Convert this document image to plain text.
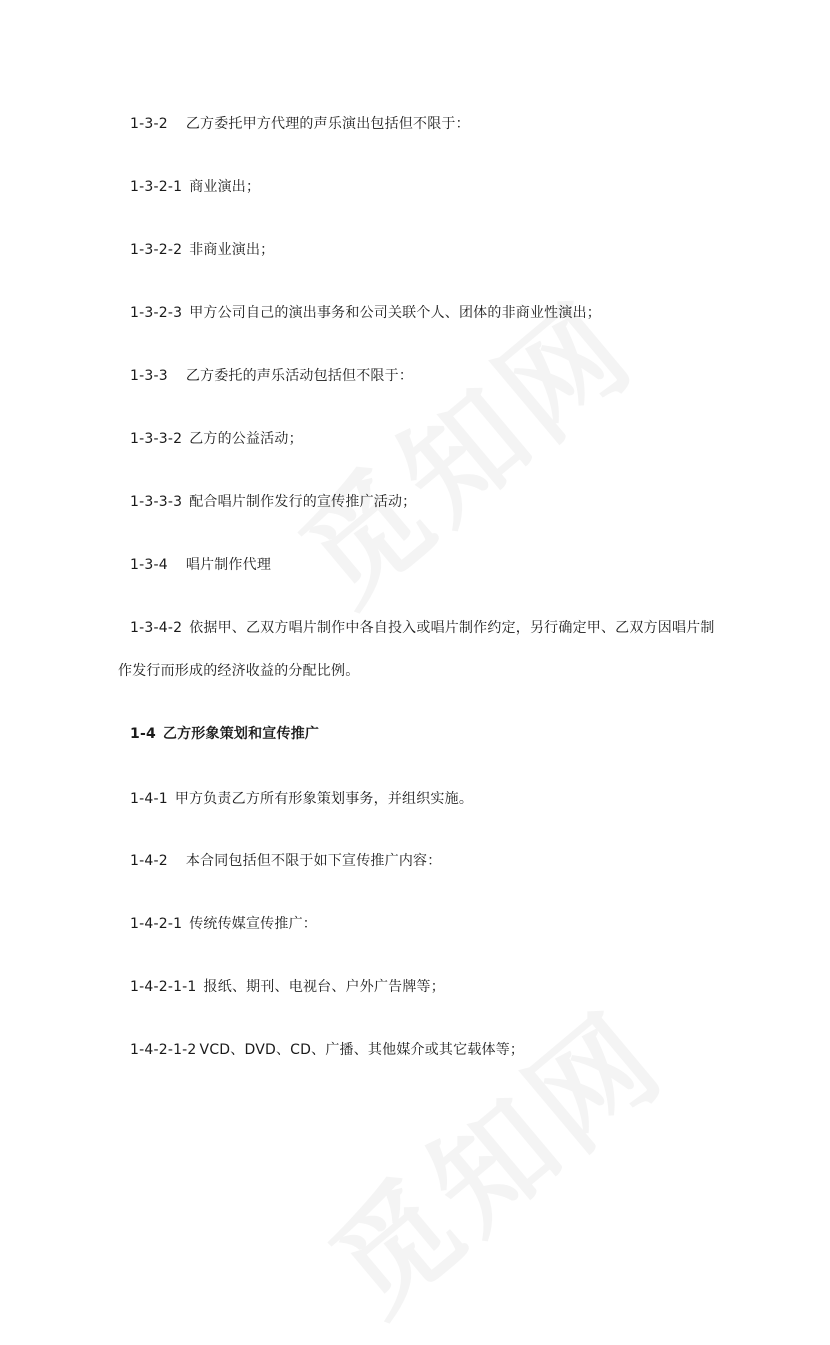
1-3-2 乙方委托甲方代理的声乐演出包括但不限于：
1-3-2-1 商业演出；
1-3-2-2 非商业演出；
1-3-2-3 甲方公司自己的演出事务和公司关联个人、团体的非商业性演出；
1-3-3 乙方委托的声乐活动包括但不限于：
1-3-3-2 乙方的公益活动；
1-3-3-3 配合唱片制作发行的宣传推广活动；
1-3-4 唱片制作代理
1-3-4-2 依据甲、乙双方唱片制作中各自投入或唱片制作约定，另行确定甲、乙双方因唱片制
作发行而形成的经济收益的分配比例。
1-4 乙方形象策划和宣传推广
1-4-1 甲方负责乙方所有形象策划事务，并组织实施。
1-4-2 本合同包括但不限于如下宣传推广内容：
1-4-2-1 传统传媒宣传推广：
1-4-2-1-1 报纸、期刊、电视台、户外广告牌等；
1-4-2-1-2 VCD、DVD、CD、广播、其他媒介或其它载体等；
